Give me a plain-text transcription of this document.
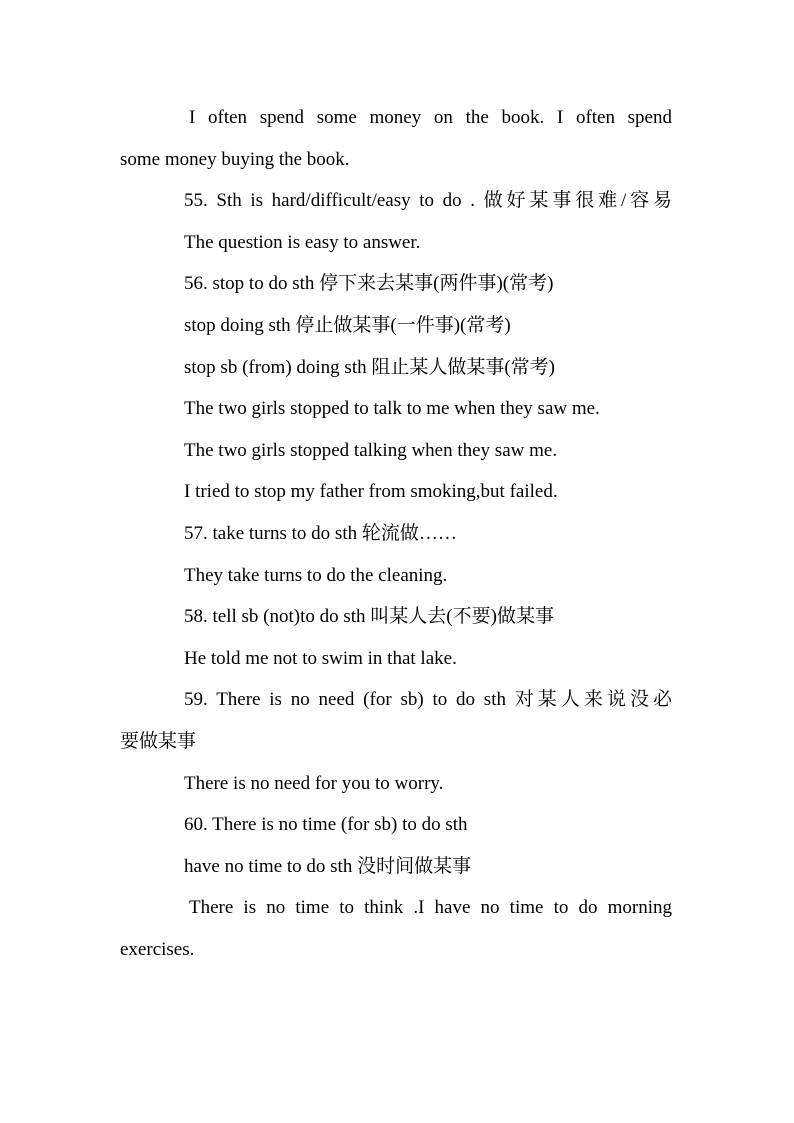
I often spend some money on the book. I often spend
some money buying the book.
55. Sth is hard/difficult/easy to do . 做好某事很难/容易
The question is easy to answer.
56. stop to do sth 停下来去某事(两件事)(常考)
stop doing sth 停止做某事(一件事)(常考)
stop sb (from) doing sth 阻止某人做某事(常考)
The two girls stopped to talk to me when they saw me.
The two girls stopped talking when they saw me.
I tried to stop my father from smoking,but failed.
57. take turns to do sth 轮流做……
They take turns to do the cleaning.
58. tell sb (not)to do sth 叫某人去(不要)做某事
He told me not to swim in that lake.
59. There is no need (for sb) to do sth 对某人来说没必
要做某事
There is no need for you to worry.
60. There is no time (for sb) to do sth
have no time to do sth 没时间做某事
There is no time to think .I have no time to do morning
exercises.
